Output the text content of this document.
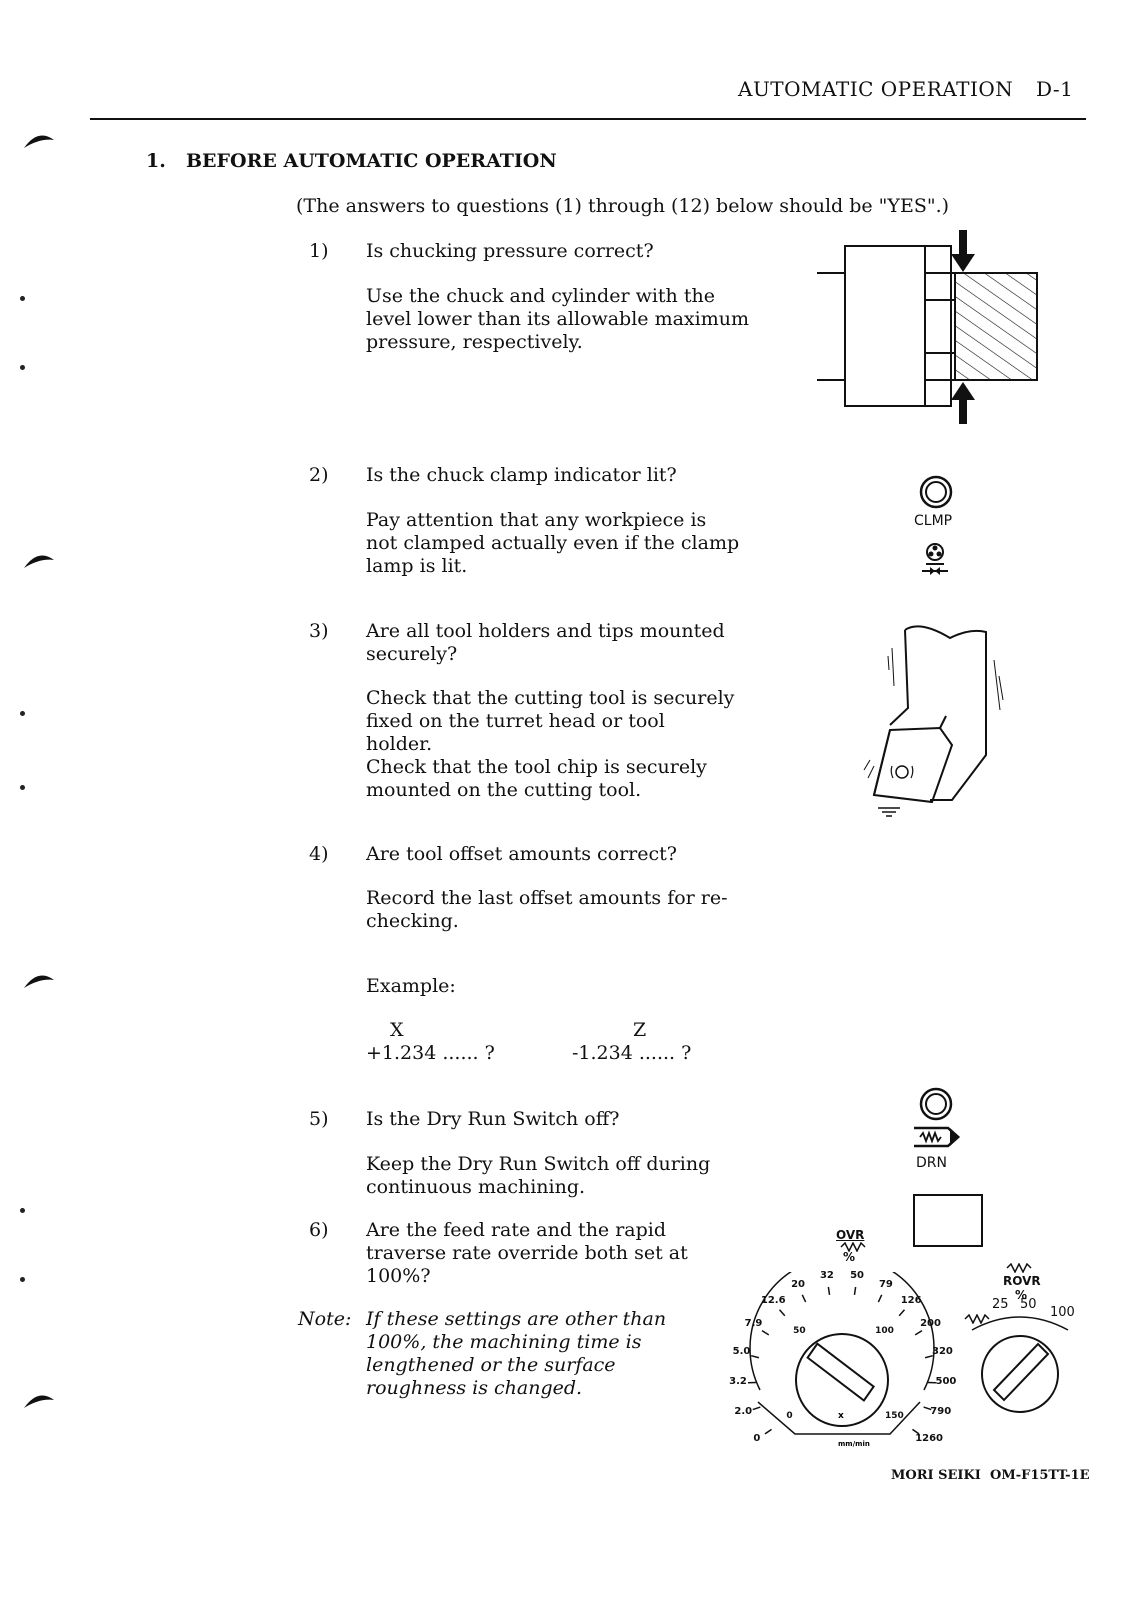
AUTOMATIC OPERATION D-1
1. BEFORE AUTOMATIC OPERATION
(The answers to questions (1) through (12) below should be "YES".)
1) Is chucking pressure correct?
Use the chuck and cylinder with the
level lower than its allowable maximum
pressure, respectively.
2) Is the chuck clamp indicator lit?
Pay attention that any workpiece is
not clamped actually even if the clamp
lamp is lit.
3) Are all tool holders and tips mounted
securely?
Check that the cutting tool is securely
fixed on the turret head or tool
holder.
Check that the tool chip is securely
mounted on the cutting tool.
4) Are tool offset amounts correct?
Record the last offset amounts for re-
checking.
Example:
X
+1.234 ...... ?
Z
-1.234 ...... ?
5) Is the Dry Run Switch off?
Keep the Dry Run Switch off during
continuous machining.
6) Are the feed rate and the rapid
traverse rate override both set at
100%?
Note: If these settings are other than
100%, the machining time is
lengthened or the surface
roughness is changed.
CLMP
DRN
OVR
%
ROVR
%
x
mm/min
0
2.0
3.2
5.0
7.9
12.6
20
32	50
79
126
200
320
500
790
1260
0
50	100
150
25 50
100
MORI SEIKI OM-F15TT-1E
